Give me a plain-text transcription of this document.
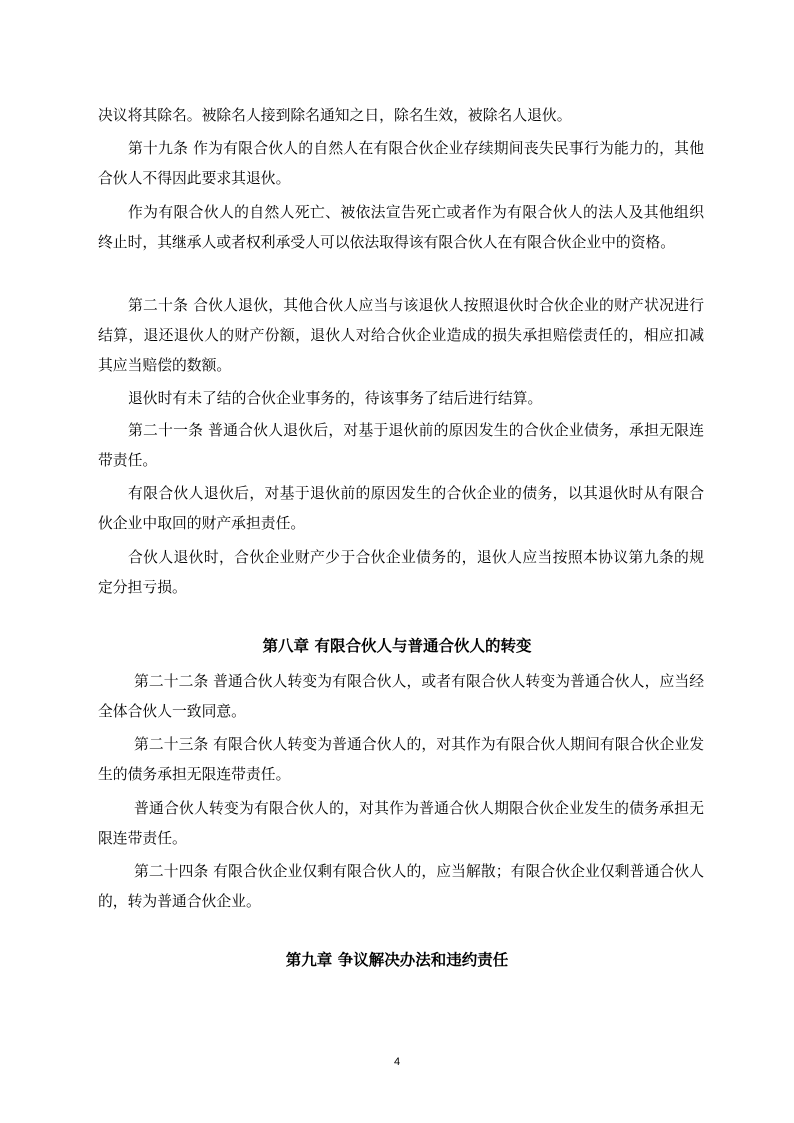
决议将其除名。被除名人接到除名通知之日，除名生效，被除名人退伙。

第十九条 作为有限合伙人的自然人在有限合伙企业存续期间丧失民事行为能力的，其他合伙人不得因此要求其退伙。

作为有限合伙人的自然人死亡、被依法宣告死亡或者作为有限合伙人的法人及其他组织终止时，其继承人或者权利承受人可以依法取得该有限合伙人在有限合伙企业中的资格。

第二十条 合伙人退伙，其他合伙人应当与该退伙人按照退伙时合伙企业的财产状况进行结算，退还退伙人的财产份额，退伙人对给合伙企业造成的损失承担赔偿责任的，相应扣减其应当赔偿的数额。

退伙时有未了结的合伙企业事务的，待该事务了结后进行结算。

第二十一条 普通合伙人退伙后，对基于退伙前的原因发生的合伙企业债务，承担无限连带责任。

有限合伙人退伙后，对基于退伙前的原因发生的合伙企业的债务，以其退伙时从有限合伙企业中取回的财产承担责任。

合伙人退伙时，合伙企业财产少于合伙企业债务的，退伙人应当按照本协议第九条的规定分担亏损。

第八章 有限合伙人与普通合伙人的转变

第二十二条 普通合伙人转变为有限合伙人，或者有限合伙人转变为普通合伙人，应当经全体合伙人一致同意。

第二十三条 有限合伙人转变为普通合伙人的，对其作为有限合伙人期间有限合伙企业发生的债务承担无限连带责任。

普通合伙人转变为有限合伙人的，对其作为普通合伙人期限合伙企业发生的债务承担无限连带责任。

第二十四条 有限合伙企业仅剩有限合伙人的，应当解散；有限合伙企业仅剩普通合伙人的，转为普通合伙企业。

第九章 争议解决办法和违约责任

4
